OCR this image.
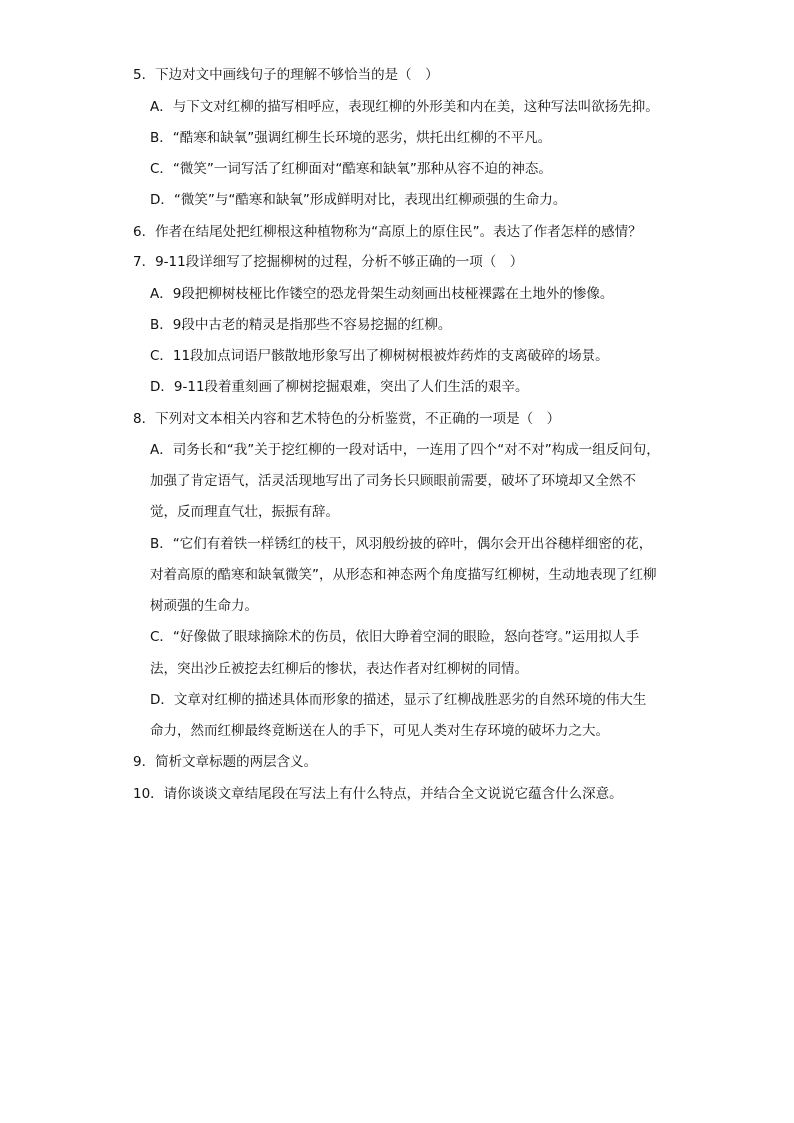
5．下边对文中画线句子的理解不够恰当的是（　）
A．与下文对红柳的描写相呼应，表现红柳的外形美和内在美，这种写法叫欲扬先抑。
B．“酷寒和缺氧”强调红柳生长环境的恶劣，烘托出红柳的不平凡。
C．“微笑”一词写活了红柳面对“酷寒和缺氧”那种从容不迫的神态。
D．“微笑”与“酷寒和缺氧”形成鲜明对比，表现出红柳顽强的生命力。
6．作者在结尾处把红柳根这种植物称为“高原上的原住民”。表达了作者怎样的感情？
7．9-11段详细写了挖掘柳树的过程，分析不够正确的一项（　）
A．9段把柳树枝桠比作镂空的恐龙骨架生动刻画出枝桠裸露在土地外的惨像。
B．9段中古老的精灵是指那些不容易挖掘的红柳。
C．11段加点词语尸骸散地形象写出了柳树树根被炸药炸的支离破碎的场景。
D．9-11段着重刻画了柳树挖掘艰难，突出了人们生活的艰辛。
8．下列对文本相关内容和艺术特色的分析鉴赏，不正确的一项是（　）
A．司务长和“我”关于挖红柳的一段对话中，一连用了四个“对不对”构成一组反问句，
加强了肯定语气，活灵活现地写出了司务长只顾眼前需要，破坏了环境却又全然不
觉，反而理直气壮，振振有辞。
B．“它们有着铁一样锈红的枝干，风羽般纷披的碎叶，偶尔会开出谷穗样细密的花，
对着高原的酷寒和缺氧微笑”，从形态和神态两个角度描写红柳树，生动地表现了红柳
树顽强的生命力。
C．“好像做了眼球摘除术的伤员，依旧大睁着空洞的眼睑，怒向苍穹。”运用拟人手
法，突出沙丘被挖去红柳后的惨状，表达作者对红柳树的同情。
D．文章对红柳的描述具体而形象的描述，显示了红柳战胜恶劣的自然环境的伟大生
命力，然而红柳最终竟断送在人的手下，可见人类对生存环境的破坏力之大。
9．简析文章标题的两层含义。
10．请你谈谈文章结尾段在写法上有什么特点，并结合全文说说它蕴含什么深意。
